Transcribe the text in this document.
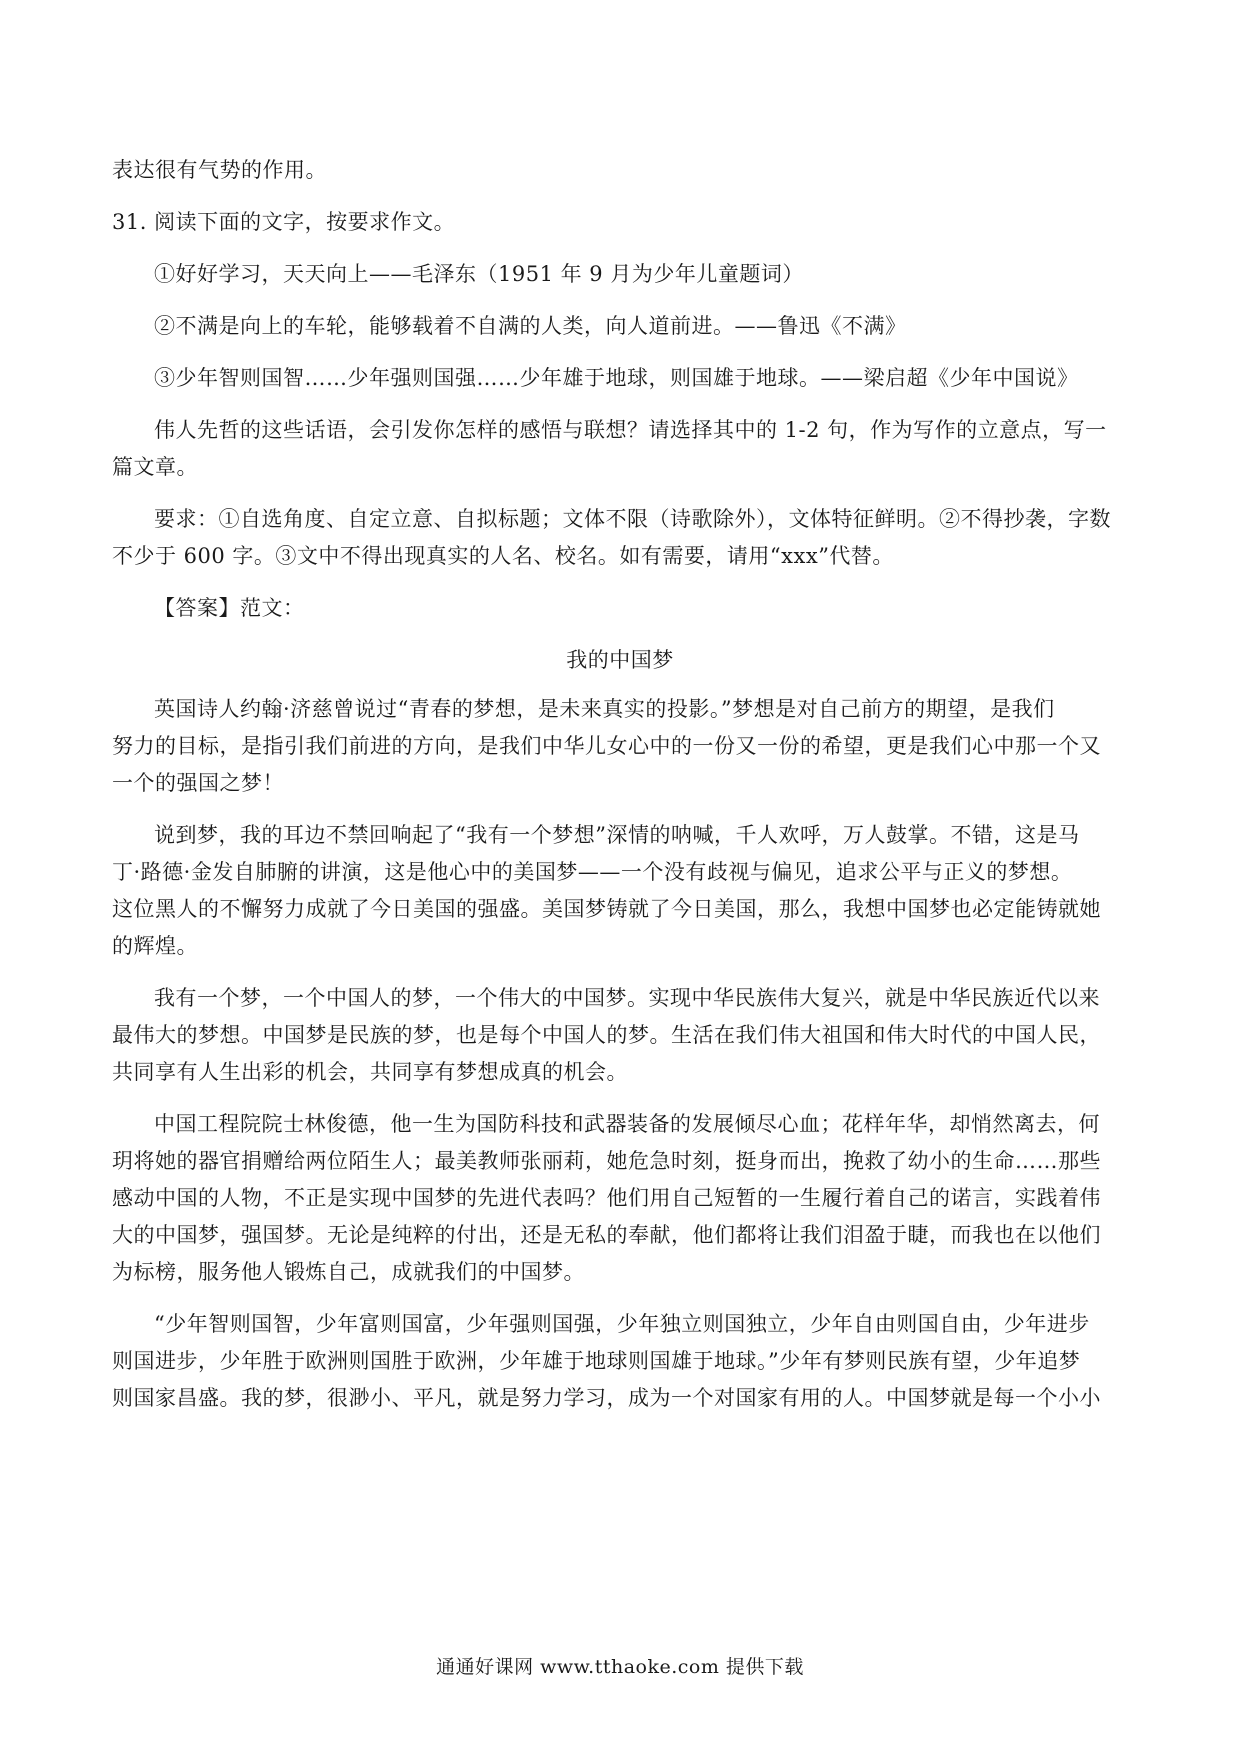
表达很有气势的作用。
31. 阅读下面的文字，按要求作文。
①好好学习，天天向上——毛泽东（1951 年 9 月为少年儿童题词）
②不满是向上的车轮，能够载着不自满的人类，向人道前进。——鲁迅《不满》
③少年智则国智……少年强则国强……少年雄于地球，则国雄于地球。——梁启超《少年中国说》
伟人先哲的这些话语，会引发你怎样的感悟与联想？请选择其中的 1-2 句，作为写作的立意点，写一
篇文章。
要求：①自选角度、自定立意、自拟标题；文体不限（诗歌除外），文体特征鲜明。②不得抄袭，字数
不少于 600 字。③文中不得出现真实的人名、校名。如有需要，请用“xxx”代替。
【答案】范文：
我的中国梦
英国诗人约翰·济慈曾说过“青春的梦想，是未来真实的投影。”梦想是对自己前方的期望，是我们
努力的目标，是指引我们前进的方向，是我们中华儿女心中的一份又一份的希望，更是我们心中那一个又
一个的强国之梦！
说到梦，我的耳边不禁回响起了“我有一个梦想”深情的呐喊，千人欢呼，万人鼓掌。不错，这是马
丁·路德·金发自肺腑的讲演，这是他心中的美国梦——一个没有歧视与偏见，追求公平与正义的梦想。
这位黑人的不懈努力成就了今日美国的强盛。美国梦铸就了今日美国，那么，我想中国梦也必定能铸就她
的辉煌。
我有一个梦，一个中国人的梦，一个伟大的中国梦。实现中华民族伟大复兴，就是中华民族近代以来
最伟大的梦想。中国梦是民族的梦，也是每个中国人的梦。生活在我们伟大祖国和伟大时代的中国人民，
共同享有人生出彩的机会，共同享有梦想成真的机会。
中国工程院院士林俊德，他一生为国防科技和武器装备的发展倾尽心血；花样年华，却悄然离去，何
玥将她的器官捐赠给两位陌生人；最美教师张丽莉，她危急时刻，挺身而出，挽救了幼小的生命……那些
感动中国的人物，不正是实现中国梦的先进代表吗？他们用自己短暂的一生履行着自己的诺言，实践着伟
大的中国梦，强国梦。无论是纯粹的付出，还是无私的奉献，他们都将让我们泪盈于睫，而我也在以他们
为标榜，服务他人锻炼自己，成就我们的中国梦。
“少年智则国智，少年富则国富，少年强则国强，少年独立则国独立，少年自由则国自由，少年进步
则国进步，少年胜于欧洲则国胜于欧洲，少年雄于地球则国雄于地球。”少年有梦则民族有望，少年追梦
则国家昌盛。我的梦，很渺小、平凡，就是努力学习，成为一个对国家有用的人。中国梦就是每一个小小
通通好课网 www.tthaoke.com 提供下载
